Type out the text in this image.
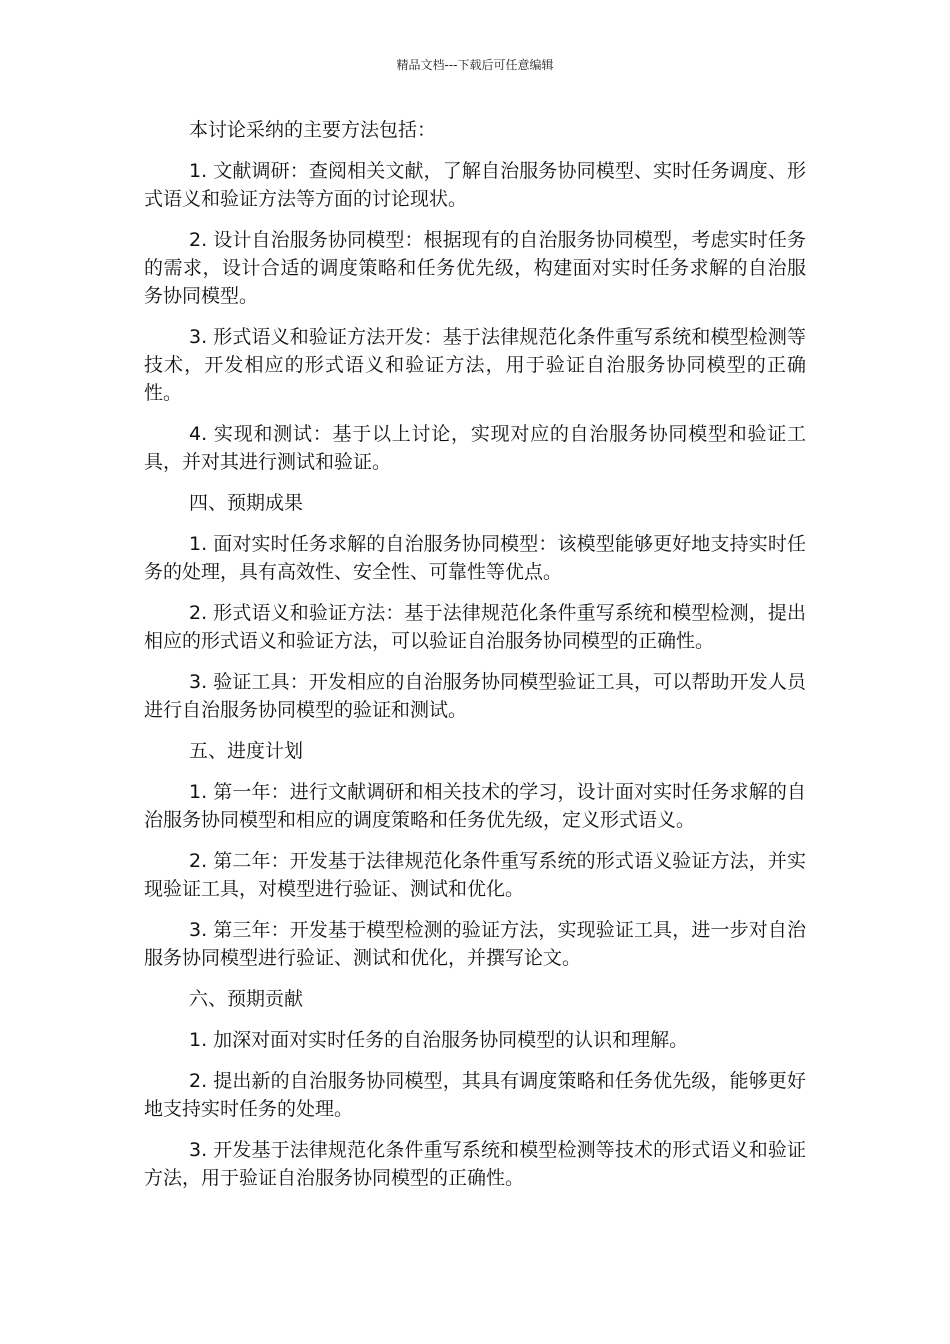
精品文档---下载后可任意编辑

本讨论采纳的主要方法包括：

1. 文献调研：查阅相关文献，了解自治服务协同模型、实时任务调度、形式语义和验证方法等方面的讨论现状。

2. 设计自治服务协同模型：根据现有的自治服务协同模型，考虑实时任务的需求，设计合适的调度策略和任务优先级，构建面对实时任务求解的自治服务协同模型。

3. 形式语义和验证方法开发：基于法律规范化条件重写系统和模型检测等技术，开发相应的形式语义和验证方法，用于验证自治服务协同模型的正确性。

4. 实现和测试：基于以上讨论，实现对应的自治服务协同模型和验证工具，并对其进行测试和验证。

四、预期成果

1. 面对实时任务求解的自治服务协同模型：该模型能够更好地支持实时任务的处理，具有高效性、安全性、可靠性等优点。

2. 形式语义和验证方法：基于法律规范化条件重写系统和模型检测，提出相应的形式语义和验证方法，可以验证自治服务协同模型的正确性。

3. 验证工具：开发相应的自治服务协同模型验证工具，可以帮助开发人员进行自治服务协同模型的验证和测试。

五、进度计划

1. 第一年：进行文献调研和相关技术的学习，设计面对实时任务求解的自治服务协同模型和相应的调度策略和任务优先级，定义形式语义。

2. 第二年：开发基于法律规范化条件重写系统的形式语义验证方法，并实现验证工具，对模型进行验证、测试和优化。

3. 第三年：开发基于模型检测的验证方法，实现验证工具，进一步对自治服务协同模型进行验证、测试和优化，并撰写论文。

六、预期贡献

1. 加深对面对实时任务的自治服务协同模型的认识和理解。

2. 提出新的自治服务协同模型，其具有调度策略和任务优先级，能够更好地支持实时任务的处理。

3. 开发基于法律规范化条件重写系统和模型检测等技术的形式语义和验证方法，用于验证自治服务协同模型的正确性。
